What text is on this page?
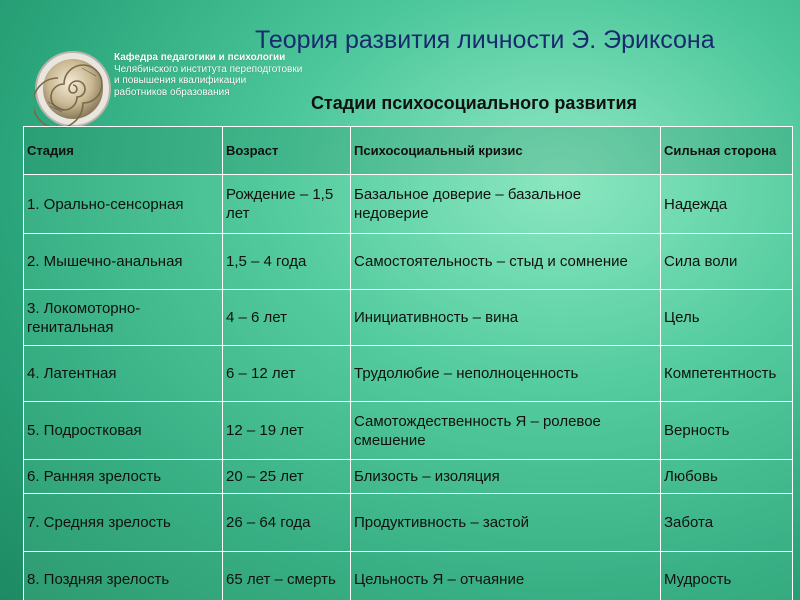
Теория развития личности Э. Эриксона
Кафедра педагогики и психологии
Челябинского института переподготовки
и повышения квалификации
работников образования
Стадии психосоциального развития
Стадия	Возраст	Психосоциальный кризис	Сильная сторона
1. Орально-сенсорная	Рождение – 1,5 лет	Базальное доверие – базальное недоверие	Надежда
2. Мышечно-анальная	1,5 – 4 года	Самостоятельность – стыд и сомнение	Сила воли
3. Локомоторно-генитальная	4 – 6 лет	Инициативность – вина	Цель
4. Латентная	6 – 12 лет	Трудолюбие – неполноценность	Компетентность
5. Подростковая	12 – 19 лет	Самотождественность Я – ролевое смешение	Верность
6. Ранняя зрелость	20 – 25 лет	Близость – изоляция	Любовь
7. Средняя зрелость	26 – 64 года	Продуктивность – застой	Забота
8. Поздняя зрелость	65 лет – смерть	Цельность Я – отчаяние	Мудрость
